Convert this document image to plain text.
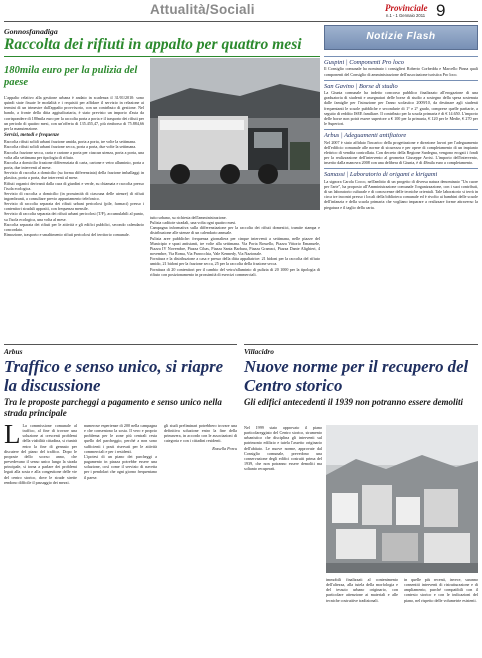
Attualità/Sociali	Provinciale
n.1 - 1 Gennaio 2011 9
Gonnosfanadiga
Raccolta dei rifiuti in appalto per quattro mesi
180mila euro per la pulizia del paese
L'appalto relativo alla gestione urbana è andato in scadenza il 31/01/2010: sono quindi state fissate le modalità e i requisiti per affidare il servizio in relazione ai termini di un trimestre dall'appalto provvisorio, con un contributo di gestione. Nel bando, a fronte della ditta aggiudicataria, è stato previsto un importo d'asta da corrispondere di 180mila euro per la raccolta porta a porta e il trasporto dei rifiuti per un periodo di quattro mesi, con un'offerta di 135.455,47, più rimborso di 75.884,66 per la manutenzione.
Servizi, metodi e frequenze
Raccolta rifiuti solidi urbani frazione umida, porta a porta, tre volte la settimana.
Raccolta rifiuti solidi urbani frazione secca, porta a porta, due volte la settimana.
Raccolta frazione secca, carta e cartone a porta per ciascun utenza, porta a porta, una volta alla settimana per tipologia di rifiuto.
Raccolta a domicilio frazione differenziata di carta, cartone e vetro alluminio, porta a porta, due interventi al mese.
Servizio di raccolta a domicilio (su forma differenziata) della frazione imballaggi in plastica, porta a porta, due interventi al mese.
Rifiuti organici derivanti dalla cura di giardini e verde, su chiamata e raccolta presso l'isola ecologica.
Servizio di raccolta a domicilio (in prossimità di ciascuna delle utenze) di rifiuti ingombranti, a consultare previo appuntamento telefonico.
Servizio di raccolta separata dei rifiuti urbani pericolosi (pile, farmaci) presso i contenitori stradali appositi, con frequenza mensile.
Servizio di raccolta separata dei rifiuti urbani pericolosi (T/F), accumulabili al punto, su l'isola ecologica, una volta al mese.
Raccolta separata dei rifiuti per le attività e gli edifici pubblici, secondo calendario concordato.
Rimozione, trasporto e smaltimento rifiuti pericolosi del territorio comunale.
tutto urbano, su richiesta dell'amministrazione.
Pulizia caditoie stradali, una volta ogni quattro mesi.
Campagna informativa sulla differenziazione per la raccolta dei rifiuti domestici, tramite stampa e distribuzione alle utenze di un calendario annuale.
Pulizia aree pubbliche: frequenza giornaliera per cinque interventi a settimana, nelle piazze del Municipio e spazi antistanti, tre volte alla settimana. Via Porta Rossello, Piazza Vittorio Emanuele, Piazza IV Novembre, Piazza Cibas, Piazza Santa Barbara, Piazza Gramsci, Piazza Dante Alighieri, 4 novembre, Via Roma, Via Parrocchia, Vale Kennedy, Via Nazionale.
Fornitura e la distribuzione a casa e presso della ditta appaltatrice: 21 bidoni per la raccolta del rifiuto umido, 21 bidoni per la frazione secca, 25 per la raccolta della frazione secca.
Fornitura di 20 contenitori per il cambio del vetro/alluminio di pulizia di 20 1000 per la tipologia di rifiuto con posizionamento in prossimità di esercizi commerciali.
Notizie Flash
Guspini | Componenti Pro loco
Il Consiglio comunale ha nominato i consiglieri Roberto Corbeddu e Marcello Pinna quali componenti del Consiglio di amministrazione dell'associazione turistica Pro loco.
San Gavino | Borse di studio
La Giunta comunale ha indetto concorso pubblico finalizzato all'erogazione di una graduatoria di studenti e assegnatari delle borse di studio a sostegno della spesa sostenuta dalle famiglie per l'istruzione per l'anno scolastico 2009/10, da destinare agli studenti frequentanti le scuole pubbliche e secondarie di 1° e 2° grado, comprese quelle paritarie, a seguito di reddito ISEE familiare. Il contributo per la scuola primaria è di € 14.650. L'importo delle borse non potrà essere superiore a € 100 per la primaria, € 120 per le Medie, € 270 per le Superiori.
Arbus | Adeguamenti antifiatore
Nel 2007 è stato affidato l'incarico della progettazione e direzione lavori per l'adeguamento dell'edificio comunale alle norme di sicurezza e per opere di completamento di un impianto elettrico di vendita controllata. Con decreto della Regione Sardegna, vengono erogati i fondi per la realizzazione dell'intervento al geometra Giuseppe Arrisi. L'importo dell'intervento, inserito dalla manovra 2008 con una delibera di Giunta, è di 48mila euro a completamento.
Samassi | Laboratorio di origami e kirigami
La signora Carola Cocco, nell'ambito di un progetto di diversa natura denominato "Un cuore per l'arte", ha proposto all'Amministrazione comunale l'organizzazione, con i suoi contributi, di un laboratorio culturale e di conoscenze delle tecniche orientali. Tale laboratorio si terrà in circa tre incontri presso i locali della biblioteca comunale ed è rivolto ai bambini delle scuole dell'infanzia e della scuola primaria che vogliano imparare a realizzare forme attraverso la piegatura e il taglio della carta.
Arbus
Traffico e senso unico, si riapre la discussione
Tra le proposte parcheggi a pagamento e senso unico nella strada principale
L La commissione comunale al traffico, al fine di trovare una soluzione ai crescenti problemi della viabilità cittadina, si riunirà entro la fine di gennaio per discutere del piano del traffico. Dopo le proposte dello scorso anno, che prevedevano il senso unico lungo la strada principale, si torna a parlare dei problemi legati alla sosta e alla congestione delle vie del centro storico, dove le strade strette rendono difficile il passaggio dei mezzi.
numerose esperienze di 200 nella campagna e che consentono la sosta. Il vero e proprio problema per le zone più centrali resta quello del parcheggio, perché a non sono sufficienti i posti riservati per le attività commerciali e per i residenti.
L'ipotesi di un piano dei parcheggi a pagamento in piazza potrebbe essere una soluzione, così come il servizio di navetta per i pendolari che ogni giorno frequentano il paese.
gli studi preliminari potrebbero trovare una definitiva soluzione entro la fine della primavera, in accordo con le associazioni di categoria e con i cittadini residenti.
Rossella Porcu
Villacidro
Nuove norme per il recupero del Centro storico
Gli edifici antecedenti il 1939 non potranno essere demoliti
Nel 1999 stato approvato il piano particolareggiato del Centro storico, strumento urbanistico che disciplina gli interventi sul patrimonio edilizio e tutela l'assetto originario dell'abitato. Le nuove norme, approvate dal Consiglio comunale, prevedono una conservazione degli edifici costruiti prima del 1939, che non potranno essere demoliti ma soltanto recuperati.
immobili finalizzati al contenimento dell'altezza, alla tutela della morfologia e del tessuto urbano originario, con particolare attenzione ai materiali e alle tecniche costruttive tradizionali.
in quelle più recenti, invece, saranno consentiti interventi di ristrutturazione e di ampliamento, purché compatibili con il contesto storico e con le indicazioni del piano, nel rispetto delle volumetrie esistenti.
